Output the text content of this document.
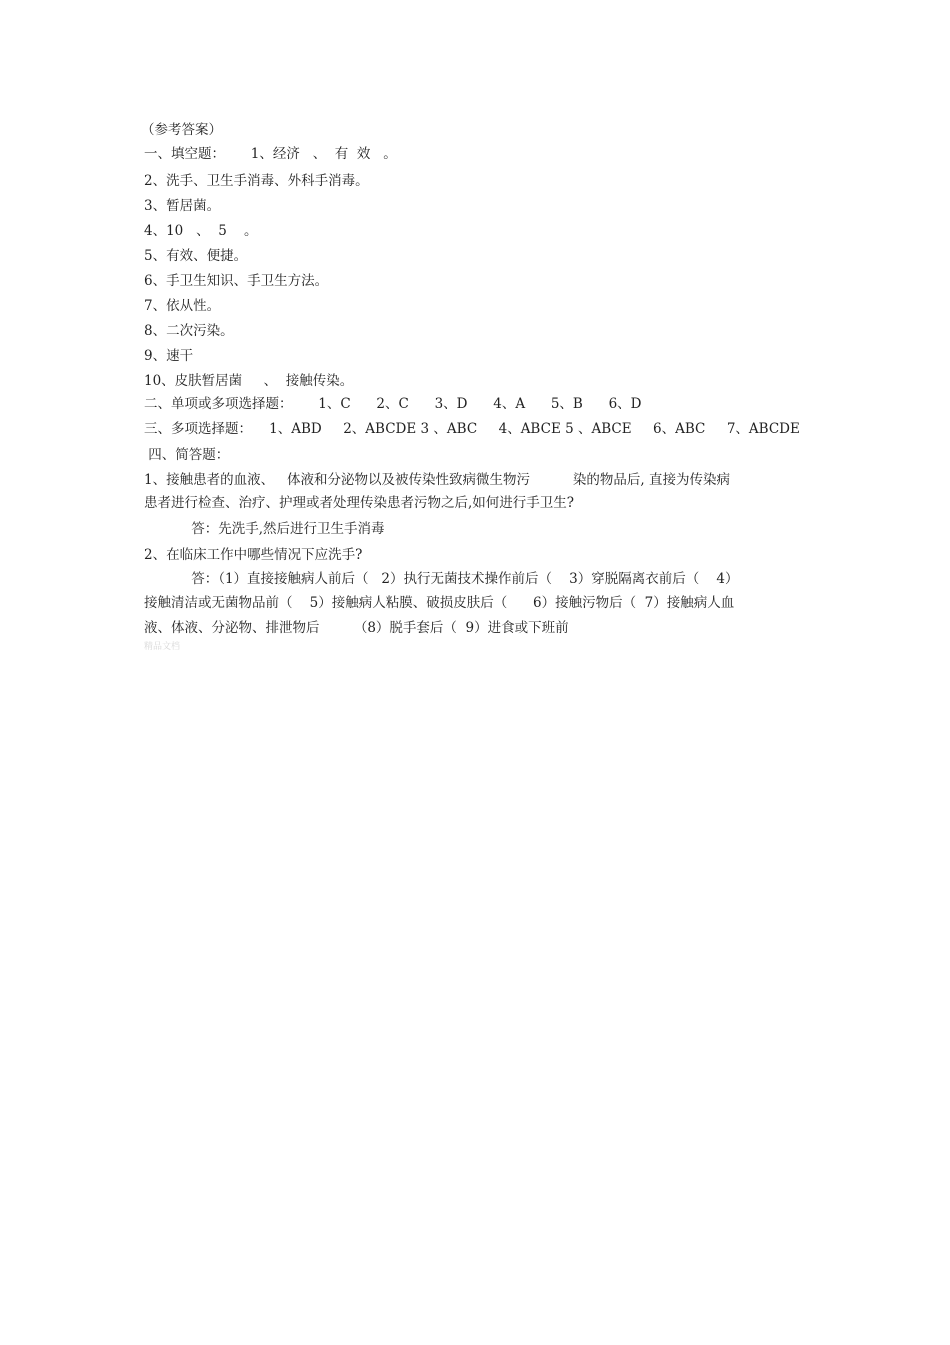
（参考答案）
一、填空题：      1、经济   、  有  效   。
2、洗手、卫生手消毒、外科手消毒。
3、暂居菌。
4、10   、  5    。
5、有效、便捷。
6、手卫生知识、手卫生方法。
7、依从性。
8、二次污染。
9、速干
10、皮肤暂居菌     、  接触传染。
二、单项或多项选择题：      1、C      2、C      3、D      4、A      5、B      6、D
三、多项选择题：    1、ABD     2、ABCDE 3 、ABC     4、ABCE 5 、ABCE     6、ABC     7、ABCDE
四、简答题：
1、接触患者的血液、   体液和分泌物以及被传染性致病微生物污          染的物品后, 直接为传染病
患者进行检查、治疗、护理或者处理传染患者污物之后,如何进行手卫生?
答：先洗手,然后进行卫生手消毒
2、在临床工作中哪些情况下应洗手?
答：（1）直接接触病人前后（   2）执行无菌技术操作前后（    3）穿脱隔离衣前后（    4）
接触清洁或无菌物品前（    5）接触病人粘膜、破损皮肤后（      6）接触污物后（  7）接触病人血
液、体液、分泌物、排泄物后        （8）脱手套后（  9）进食或下班前
精品文档
